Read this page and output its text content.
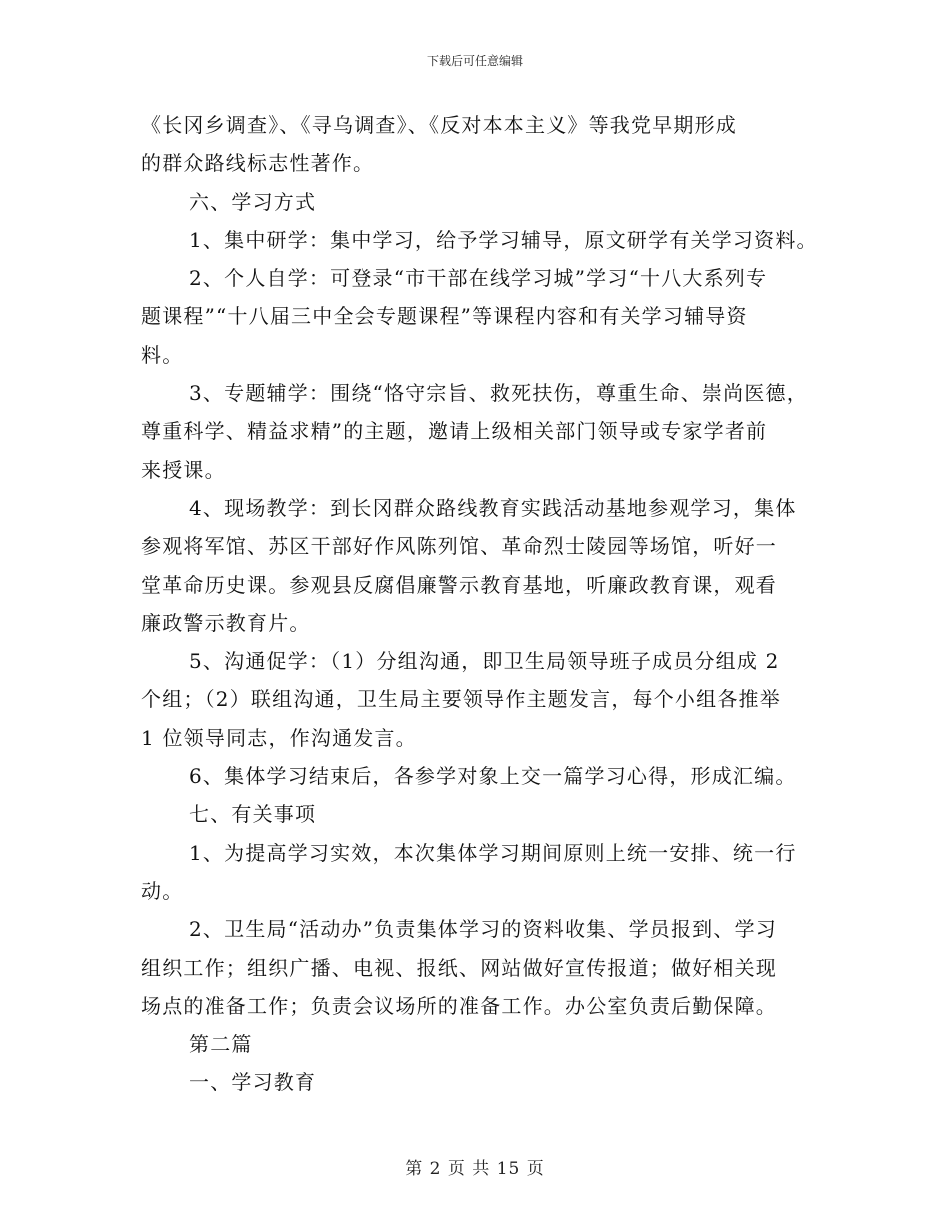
下载后可任意编辑
《长冈乡调查》、《寻乌调查》、《反对本本主义》等我党早期形成
的群众路线标志性著作。
六、学习方式
1、集中研学：集中学习，给予学习辅导，原文研学有关学习资料。
2、个人自学：可登录“市干部在线学习城”学习“十八大系列专
题课程”“十八届三中全会专题课程”等课程内容和有关学习辅导资
料。
3、专题辅学：围绕“恪守宗旨、救死扶伤，尊重生命、崇尚医德，
尊重科学、精益求精”的主题，邀请上级相关部门领导或专家学者前
来授课。
4、现场教学：到长冈群众路线教育实践活动基地参观学习，集体
参观将军馆、苏区干部好作风陈列馆、革命烈士陵园等场馆，听好一
堂革命历史课。参观县反腐倡廉警示教育基地，听廉政教育课，观看
廉政警示教育片。
5、沟通促学：（1）分组沟通，即卫生局领导班子成员分组成 2
个组；（2）联组沟通，卫生局主要领导作主题发言，每个小组各推举
1 位领导同志，作沟通发言。
6、集体学习结束后，各参学对象上交一篇学习心得，形成汇编。
七、有关事项
1、为提高学习实效，本次集体学习期间原则上统一安排、统一行
动。
2、卫生局“活动办”负责集体学习的资料收集、学员报到、学习
组织工作；组织广播、电视、报纸、网站做好宣传报道；做好相关现
场点的准备工作；负责会议场所的准备工作。办公室负责后勤保障。
第二篇
一、学习教育
第 2 页 共 15 页
